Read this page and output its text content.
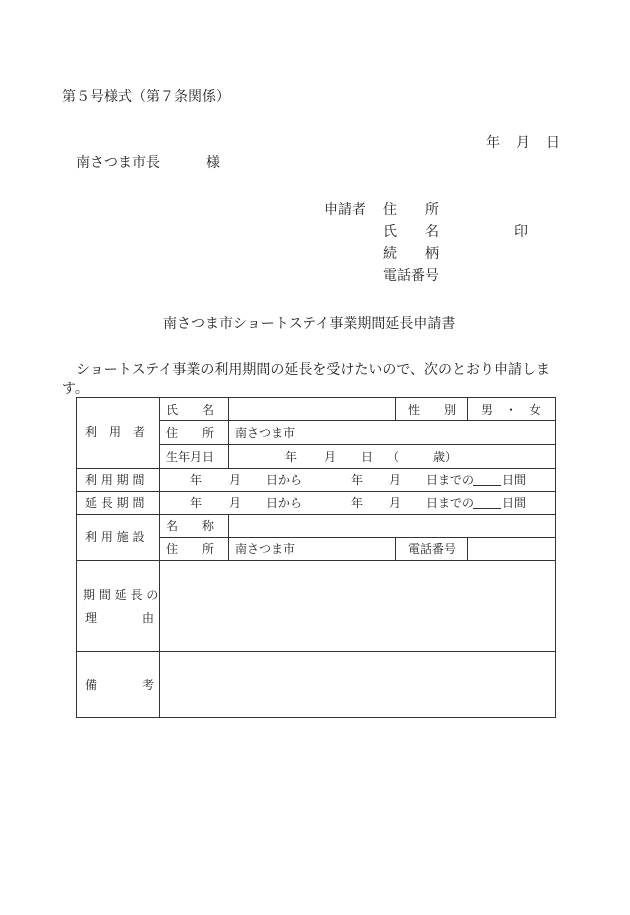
第５号様式（第７条関係）
年 月 日
南さつま市長	様
申請者 住　　所
氏　　名	印
続　　柄
電話番号
南さつま市ショートステイ事業期間延長申請書
ショートステイ事業の利用期間の延長を受けたいので、次のとおり申請しま
す。
利　用　者
氏　　名	性　　別 男　・　女
住　　所 南さつま市
生年月日	年 月 日 （	歳）
利用期間	年 月 日から	年 月 日までの 日間
延長期間	年 月 日から	年 月 日までの 日間
利用施設
名　　称
住　　所 南さつま市	電話番号
期間延長の
理	由
備	考
